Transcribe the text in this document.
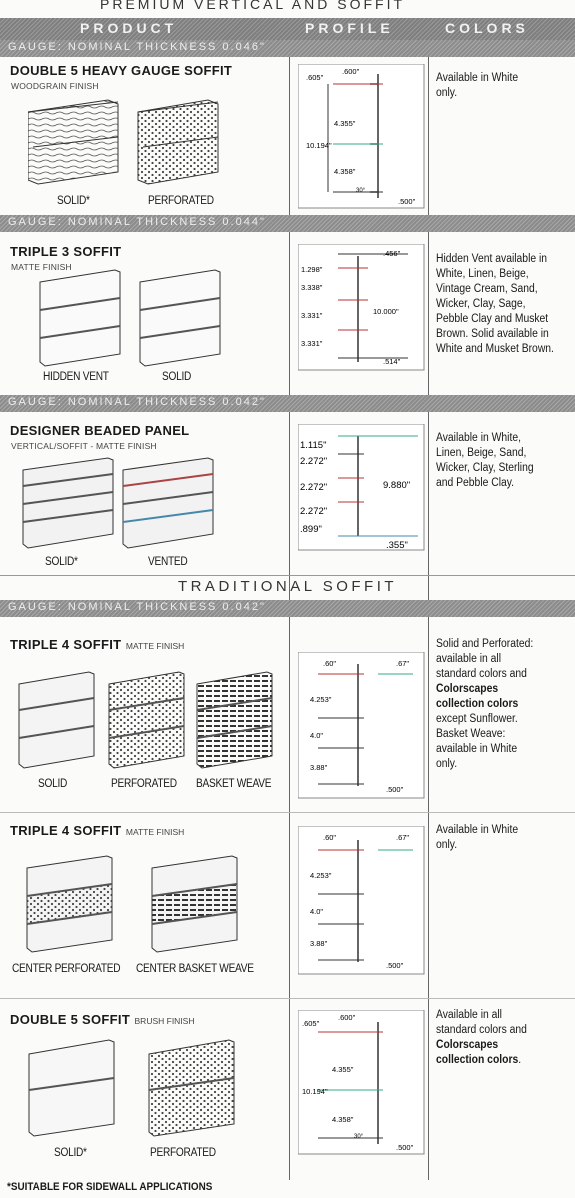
PREMIUM VERTICAL AND SOFFIT
PRODUCT	PROFILE	COLORS
GAUGE: NOMINAL THICKNESS 0.046"
DOUBLE 5 HEAVY GAUGE SOFFIT
WOODGRAIN FINISH
SOLID*	PERFORATED
.605"
.600"
4.355"
10.194"
4.358"
30°
.500"
Available in White only.
GAUGE: NOMINAL THICKNESS 0.044"
TRIPLE 3 SOFFIT
MATTE FINISH
HIDDEN VENT	SOLID
1.298"
3.338"
3.331"
3.331"
.456"
10.000"
.514"
Hidden Vent available in White, Linen, Beige, Vintage Cream, Sand, Wicker, Clay, Sage, Pebble Clay and Musket Brown. Solid available in White and Musket Brown.
GAUGE: NOMINAL THICKNESS 0.042"
DESIGNER BEADED PANEL
VERTICAL/SOFFIT - MATTE FINISH
SOLID*	VENTED
1.115"
2.272"
2.272"
2.272"
.899"
9.880"
.355"
Available in White, Linen, Beige, Sand, Wicker, Clay, Sterling and Pebble Clay.
TRADITIONAL SOFFIT
GAUGE: NOMINAL THICKNESS 0.042"
TRIPLE 4 SOFFIT MATTE FINISH
SOLID	PERFORATED BASKET WEAVE
.60"	.67"
4.253"
4.0"
3.88"
.500"
Solid and Perforated: available in all standard colors and Colorscapes collection colors except Sunflower. Basket Weave: available in White only.
TRIPLE 4 SOFFIT MATTE FINISH
CENTER PERFORATED CENTER BASKET WEAVE
.60"	.67"
4.253"
4.0"
3.88"
.500"
Available in White only.
DOUBLE 5 SOFFIT BRUSH FINISH
SOLID*	PERFORATED
.605"
.600"
4.355"
10.194"
4.358"
30°
.500"
Available in all standard colors and Colorscapes collection colors.
*SUITABLE FOR SIDEWALL APPLICATIONS
